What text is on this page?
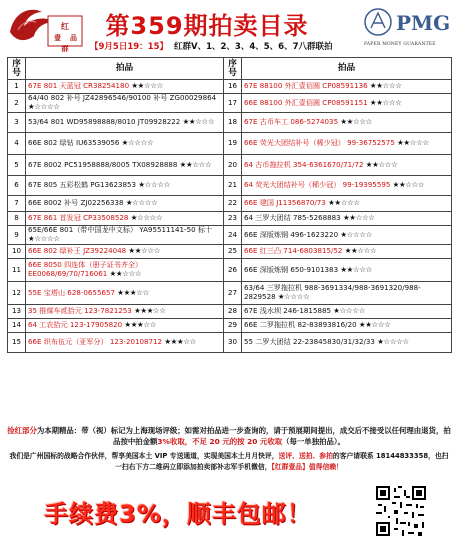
红
壹 品
群
第359期拍卖目录
【9月5日19：15】 红群V、1、2、3、4、5、6、7八群联拍
PMG
PAPER MONEY GUARANTEE
序号	拍品	序号	拍品
1	67E 801 天蓝冠 CR38254180 ★★☆☆☆	16	67E 88100 外汇壹佰圆 CP08591136 ★★☆☆☆
2	64/40 802 补号 JZ42896546/90100 补号 ZG00029864 ★☆☆☆☆	17	66E 88100 外汇壹佰圆 CP08591151 ★★☆☆☆
3	53/64 801 WD95898888/8010 JT09928222 ★★☆☆☆	18	67E 古币车工 086-5274035 ★★☆☆☆
4	66E 802 绿钻 IU63539056 ★☆☆☆☆	19	66E 荧光大团结补号（稀少冠） 99-36752575 ★★☆☆☆
5	67E 8002 PC51958888/8005 TX08928888 ★★☆☆☆	20	64 古币拖拉机 354-6361670/71/72 ★★☆☆☆
6	67E 805 五彩松鹤 PG13623853 ★☆☆☆☆	21	64 荧光大团结补号（稀少冠） 99-19395595 ★★☆☆☆
7	66E 8002 补号 ZJ02256338 ★☆☆☆☆	22	66E 建国 J11356870/73 ★★☆☆☆
8	67E 861 首发冠 CP33508528 ★☆☆☆☆	23	64 三罗大团结 785-5268883 ★★☆☆☆
9	65E/66E 801（带中国龙中文标） YA95511141-50 标十 ★☆☆☆☆	24	66E 深版炼钢 496-1623220 ★☆☆☆☆
10	66E 802 绿补王 JZ39224048 ★★☆☆☆	25	66E 红三凸 714-6803815/52 ★★☆☆☆
11	66E 8050 四连体（册子证书齐全） EE0068/69/70/716061 ★★☆☆☆	26	66E 深版炼钢 650-9101383 ★★☆☆☆
12	55E 宝塔山 628-0655657 ★★★☆☆	27	63/64 三罗拖拉机 988-3691334/988-3691320/988-2829528 ★☆☆☆☆
13	35 推煤车贰拾元 123-7821253 ★★★☆☆	28	67E 浅水坝 246-1815885 ★☆☆☆☆
14	64 工农拾元 123-17905820 ★★★☆☆	29	66E 二罗拖拉机 82-83893816/20 ★★☆☆☆
15	66E 织布伍元（亚军分） 123-20108712 ★★★☆☆	30	55 二罗大团结 22-23845830/31/32/33 ★☆☆☆☆
捡红部分为本期精品：带（视）标记为上海现场评级；如需对拍品进一步查询的，请于预展期间提出，成交后不接受以任何理由退货，拍品按中拍金额3%收取，不足 20 元的按 20 元收取（每一单独拍品）。
我们是广州国标的战略合作伙伴，帮享美国本土 VIP 专送通道，实现美国本土月月快评，送评、送拍、参拍的客户请联系 18144833358，也扫一扫右下方二维码立即添加拍卖部补志军手机微信，【红群壹品】值得信赖！
手续费3%，顺丰包邮！
